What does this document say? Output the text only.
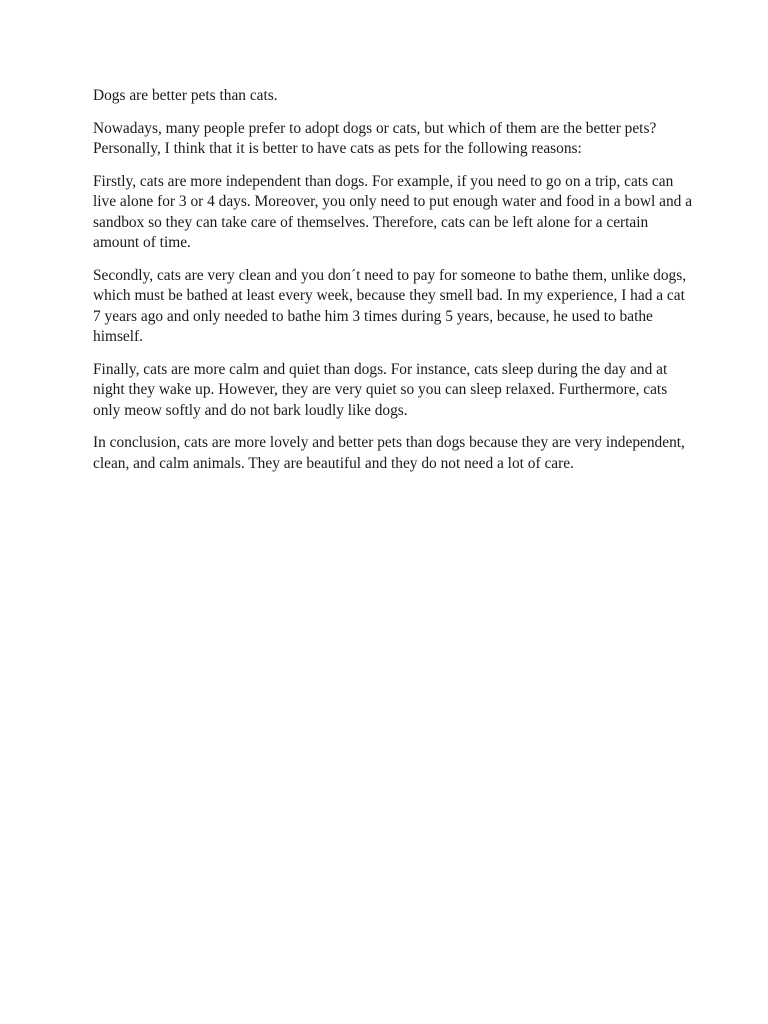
Dogs are better pets than cats.

Nowadays, many people prefer to adopt dogs or cats, but which of them are the better pets? Personally, I think that it is better to have cats as pets for the following reasons:

Firstly, cats are more independent than dogs. For example, if you need to go on a trip, cats can live alone for 3 or 4 days. Moreover, you only need to put enough water and food in a bowl and a sandbox so they can take care of themselves. Therefore, cats can be left alone for a certain amount of time.

Secondly, cats are very clean and you don´t need to pay for someone to bathe them, unlike dogs, which must be bathed at least every week, because they smell bad. In my experience, I had a cat 7 years ago and only needed to bathe him 3 times during 5 years, because, he used to bathe himself.

Finally, cats are more calm and quiet than dogs. For instance, cats sleep during the day and at night they wake up. However, they are very quiet so you can sleep relaxed. Furthermore, cats only meow softly and do not bark loudly like dogs.

In conclusion, cats are more lovely and better pets than dogs because they are very independent, clean, and calm animals. They are beautiful and they do not need a lot of care.
